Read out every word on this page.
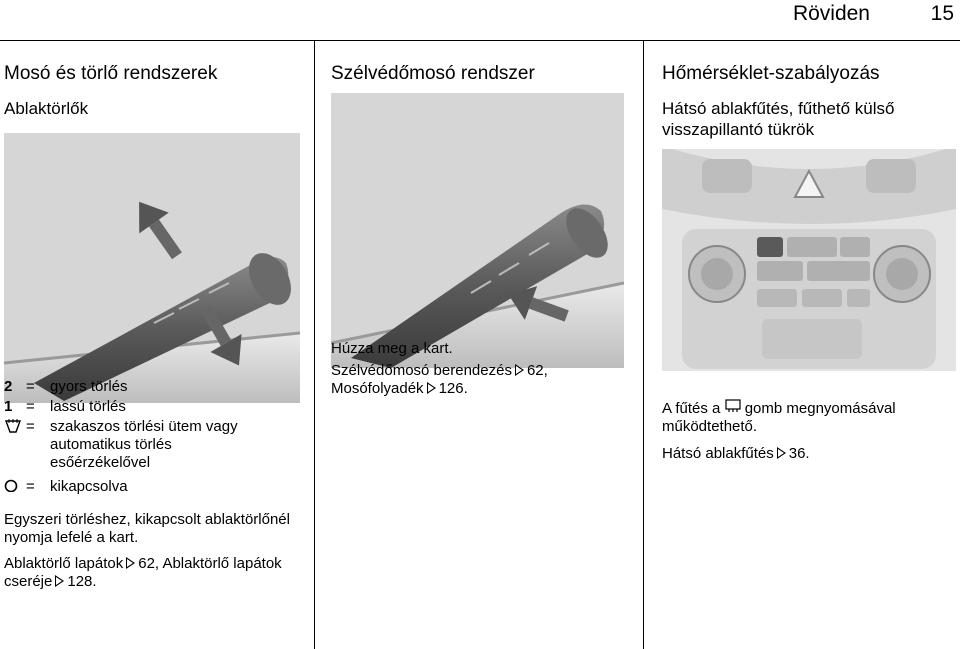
Röviden	15
Mosó és törlő rendszerek
Ablaktörlők
2 =	gyors törlés
1 =	lassú törlés
=	szakaszos törlési ütem vagy automatikus törlés esőérzékelővel
=	kikapcsolva
Egyszeri törléshez, kikapcsolt ablaktörlőnél nyomja lefelé a kart.
Ablaktörlő lapátok 62, Ablaktörlő lapátok cseréje 128.
Szélvédőmosó rendszer
Húzza meg a kart.
Szélvédőmosó berendezés 62, Mosófolyadék 126.
Hőmérséklet-szabályozás
Hátsó ablakfűtés, fűthető külső
visszapillantó tükrök
A fűtés a gomb megnyomásával működtethető.
Hátsó ablakfűtés 36.
